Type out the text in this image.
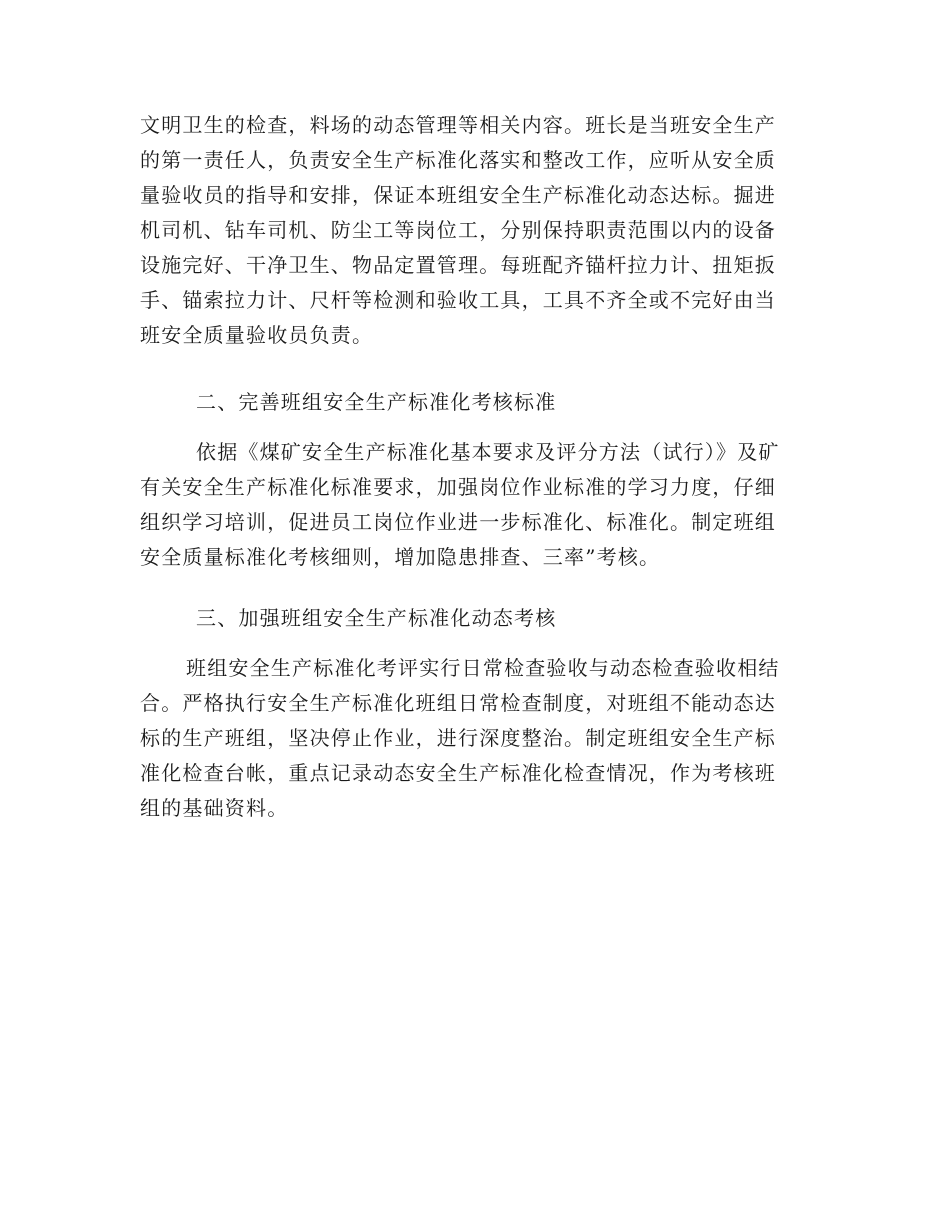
文明卫生的检查，料场的动态管理等相关内容。班长是当班安全生产
的第一责任人，负责安全生产标准化落实和整改工作，应听从安全质
量验收员的指导和安排，保证本班组安全生产标准化动态达标。掘进
机司机、钻车司机、防尘工等岗位工，分别保持职责范围以内的设备
设施完好、干净卫生、物品定置管理。每班配齐锚杆拉力计、扭矩扳
手、锚索拉力计、尺杆等检测和验收工具，工具不齐全或不完好由当
班安全质量验收员负责。
二、完善班组安全生产标准化考核标准
依据《煤矿安全生产标准化基本要求及评分方法（试行）》及矿
有关安全生产标准化标准要求，加强岗位作业标准的学习力度，仔细
组织学习培训，促进员工岗位作业进一步标准化、标准化。制定班组
安全质量标准化考核细则，增加隐患排查、三率”考核。
三、加强班组安全生产标准化动态考核
班组安全生产标准化考评实行日常检查验收与动态检查验收相结
合。严格执行安全生产标准化班组日常检查制度，对班组不能动态达
标的生产班组，坚决停止作业，进行深度整治。制定班组安全生产标
准化检查台帐，重点记录动态安全生产标准化检查情况，作为考核班
组的基础资料。
